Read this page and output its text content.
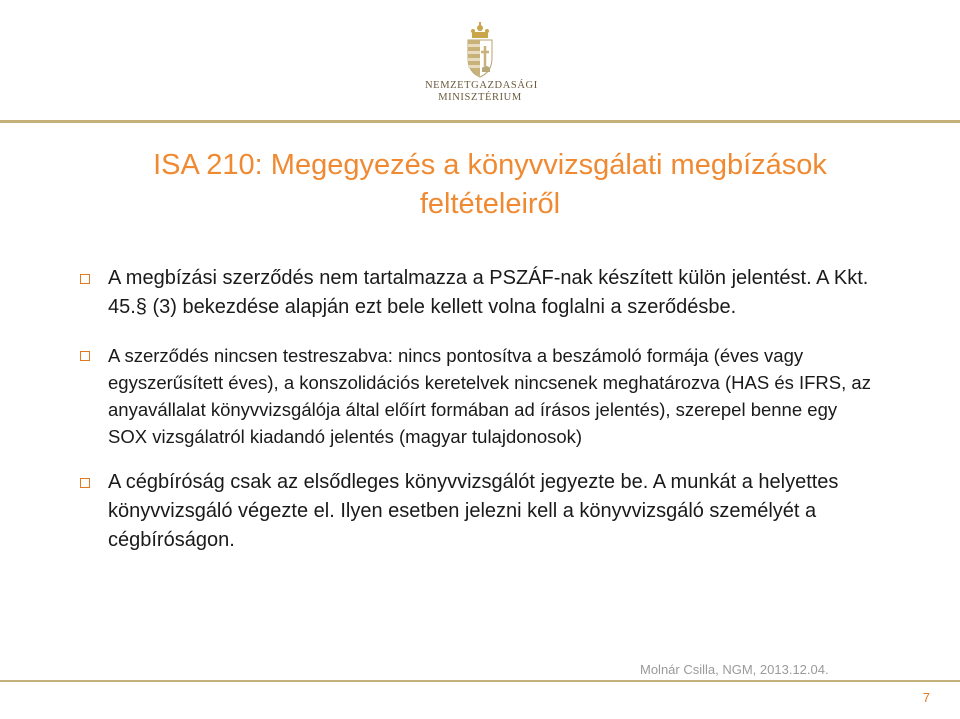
NEMZETGAZDASÁGI
MINISZTÉRIUM
ISA 210: Megegyezés a könyvvizsgálati megbízások
feltételeiről
A megbízási szerződés nem tartalmazza a PSZÁF-nak készített külön jelentést. A Kkt. 45.§ (3) bekezdése alapján ezt bele kellett volna foglalni a szerődésbe.
A szerződés nincsen testreszabva: nincs pontosítva a beszámoló formája (éves vagy egyszerűsített éves), a konszolidációs keretelvek nincsenek meghatározva (HAS és IFRS, az anyavállalat könyvvizsgálója által előírt formában ad írásos jelentés), szerepel benne egy SOX vizsgálatról kiadandó jelentés (magyar tulajdonosok)
A cégbíróság csak az elsődleges könyvvizsgálót jegyezte be. A munkát a helyettes könyvvizsgáló végezte el. Ilyen esetben jelezni kell a könyvvizsgáló személyét a cégbíróságon.
Molnár Csilla, NGM, 2013.12.04.
7
